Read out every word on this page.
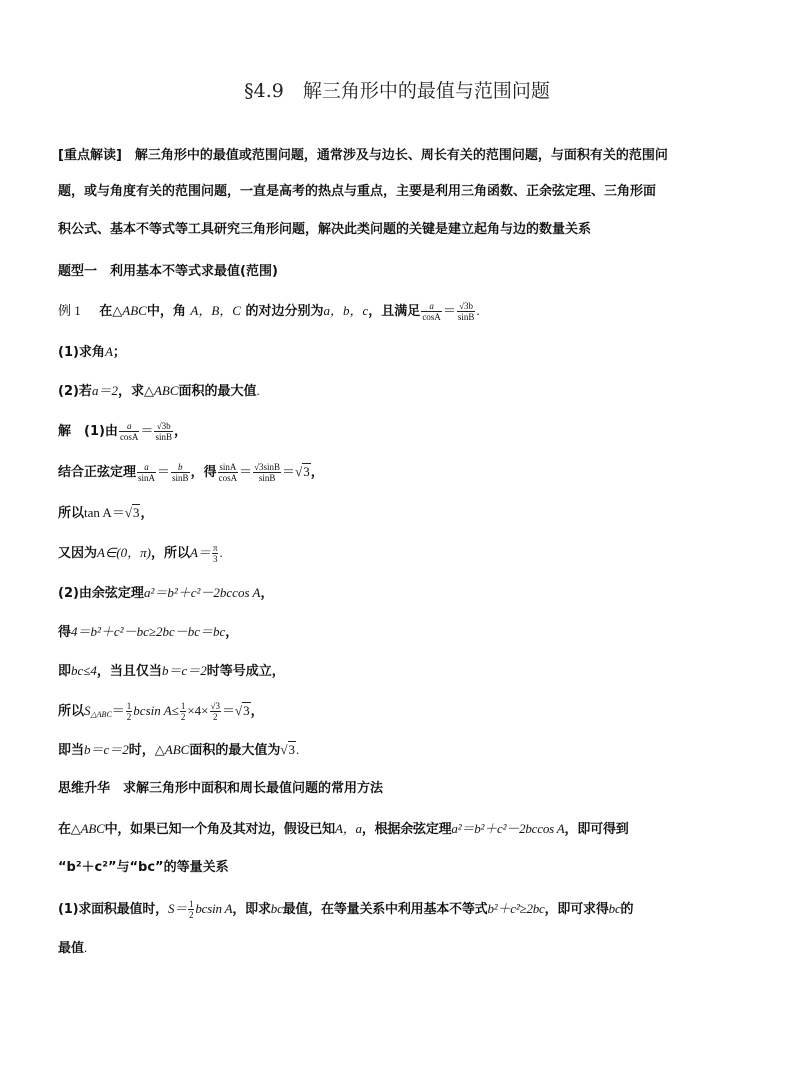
§4.9　解三角形中的最值与范围问题
[重点解读]　解三角形中的最值或范围问题，通常涉及与边长、周长有关的范围问题，与面积有关的范围问
题，或与角度有关的范围问题，一直是高考的热点与重点，主要是利用三角函数、正余弦定理、三角形面
积公式、基本不等式等工具研究三角形问题，解决此类问题的关键是建立起角与边的数量关系
题型一　利用基本不等式求最值(范围)
例 1 在△ABC中，角 A，B，C 的对边分别为a，b，c，且满足 $\frac{a}{\cos A} = \frac{√3b}{\sin B}$ .
(1)求角A；
(2)若a＝2，求△ABC面积的最大值.
解　(1)由 $\frac{a}{\cos A} = \frac{√3b}{\sin B}$ ，
结合正弦定理 $\frac{a}{\sin A} = \frac{b}{\sin B}$ ，得 $\frac{\sin A}{\cos A} = \frac{√3\sin B}{\sin B} =√3$，
所以tan A＝√3，
又因为A∈(0，π)，所以$A= \frac{\pi}{3}$ .
(2)由余弦定理a²＝b²＋c²－2bccos A，
得4＝b²＋c²－bc≥2bc－bc＝bc，
即bc≤4，当且仅当b＝c＝2时等号成立，
所以$S_{\triangle ABC}= \frac{1}{2}$ bcsin $A\le \frac{1}{2} \times 4\times \frac{√3}{2} =√3$，
即当b＝c＝2时，△ABC面积的最大值为√3.
思维升华　求解三角形中面积和周长最值问题的常用方法
在△ABC中，如果已知一个角及其对边，假设已知A，a，根据余弦定理a²＝b²＋c²－2bccos A，即可得到
“b²＋c²”与“bc”的等量关系
(1)求面积最值时，$S= \frac{1}{2}$ bcsin A，即求bc最值，在等量关系中利用基本不等式b²＋c²≥2bc，即可求得bc的
最值.
